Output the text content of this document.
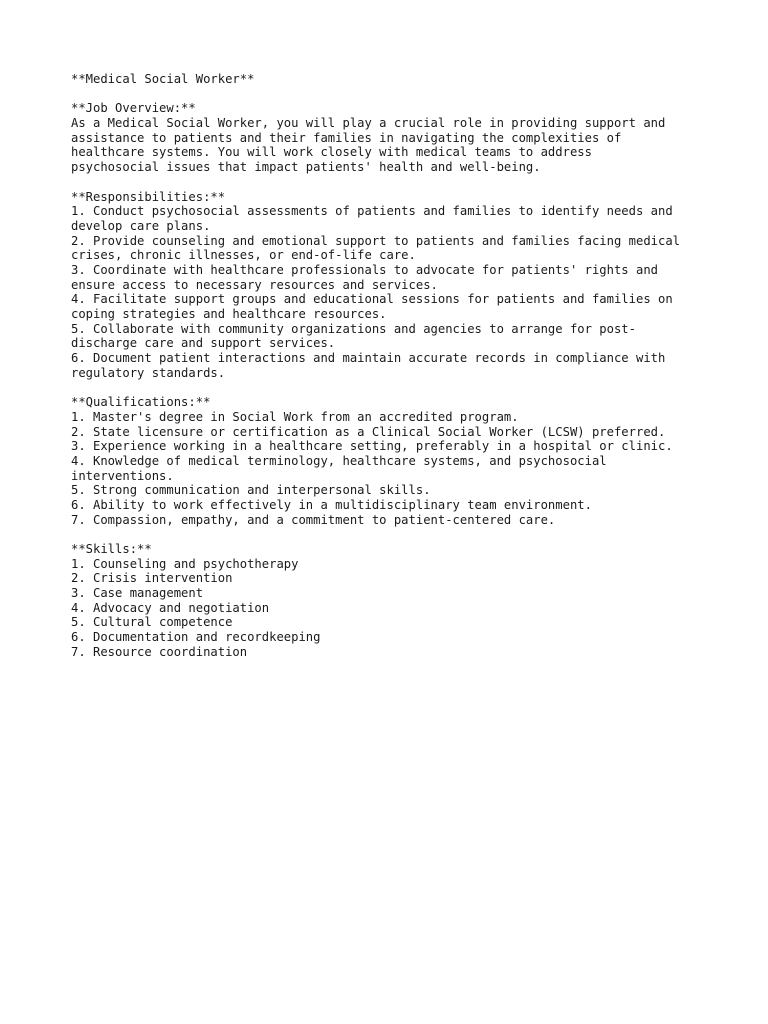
**Medical Social Worker**
**Job Overview:**
As a Medical Social Worker, you will play a crucial role in providing support and
assistance to patients and their families in navigating the complexities of
healthcare systems. You will work closely with medical teams to address
psychosocial issues that impact patients' health and well-being.
**Responsibilities:**
1. Conduct psychosocial assessments of patients and families to identify needs and
develop care plans.
2. Provide counseling and emotional support to patients and families facing medical
crises, chronic illnesses, or end-of-life care.
3. Coordinate with healthcare professionals to advocate for patients' rights and
ensure access to necessary resources and services.
4. Facilitate support groups and educational sessions for patients and families on
coping strategies and healthcare resources.
5. Collaborate with community organizations and agencies to arrange for post-
discharge care and support services.
6. Document patient interactions and maintain accurate records in compliance with
regulatory standards.
**Qualifications:**
1. Master's degree in Social Work from an accredited program.
2. State licensure or certification as a Clinical Social Worker (LCSW) preferred.
3. Experience working in a healthcare setting, preferably in a hospital or clinic.
4. Knowledge of medical terminology, healthcare systems, and psychosocial
interventions.
5. Strong communication and interpersonal skills.
6. Ability to work effectively in a multidisciplinary team environment.
7. Compassion, empathy, and a commitment to patient-centered care.
**Skills:**
1. Counseling and psychotherapy
2. Crisis intervention
3. Case management
4. Advocacy and negotiation
5. Cultural competence
6. Documentation and recordkeeping
7. Resource coordination
